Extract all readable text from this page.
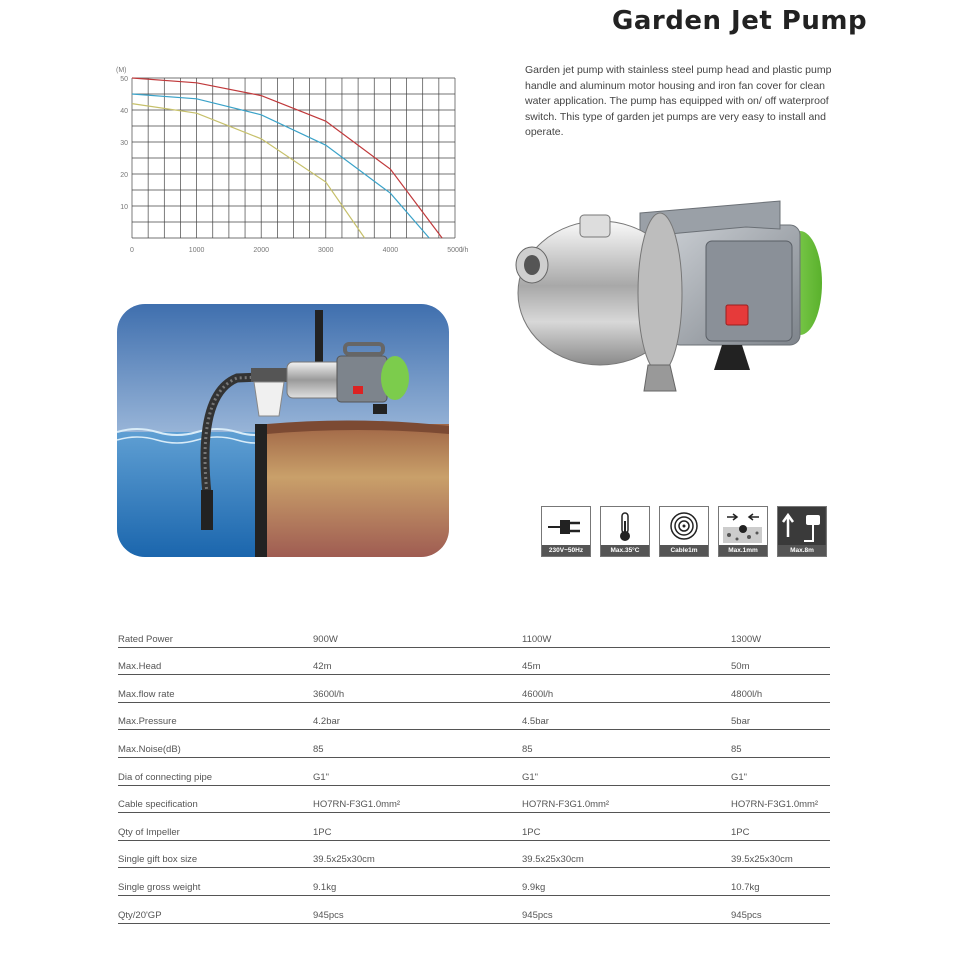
Garden Jet Pump
Garden jet pump with stainless steel pump head and plastic pump handle and aluminum motor housing and iron fan cover for clean water application. The pump has equipped with on/ off waterproof switch. This type of garden jet pumps are very easy to install and operate.
10
20
30
40
50
0	1000	2000	3000	4000	5000
(M)
l/h
230V~50Hz	Max.35°C	Cable1m	Max.1mm	Max.8m
Rated Power	900W	1100W	1300W
Max.Head	42m	45m	50m
Max.flow rate	3600l/h	4600l/h	4800l/h
Max.Pressure	4.2bar	4.5bar	5bar
Max.Noise(dB)	85	85	85
Dia of connecting pipe	G1"	G1"	G1"
Cable specification	HO7RN-F3G1.0mm²	HO7RN-F3G1.0mm²	HO7RN-F3G1.0mm²
Qty of Impeller	1PC	1PC	1PC
Single gift box size	39.5x25x30cm	39.5x25x30cm	39.5x25x30cm
Single gross weight	9.1kg	9.9kg	10.7kg
Qty/20'GP	945pcs	945pcs	945pcs
